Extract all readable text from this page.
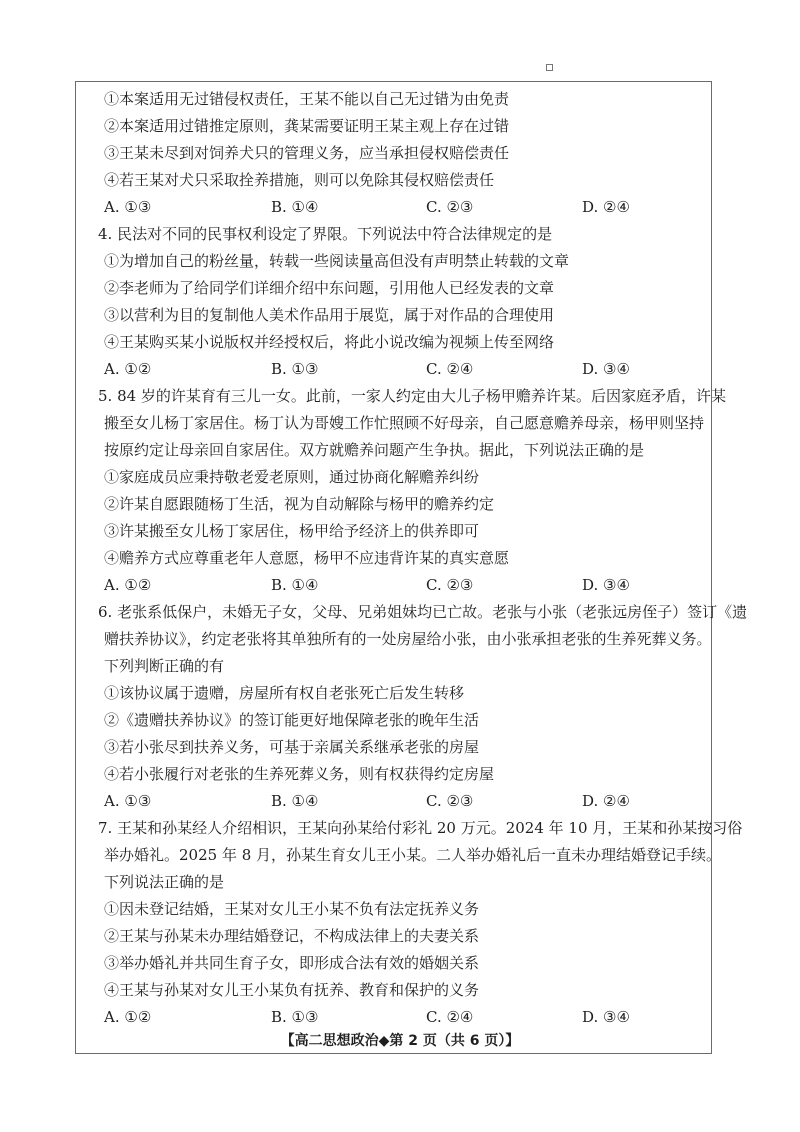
①本案适用无过错侵权责任，王某不能以自己无过错为由免责
②本案适用过错推定原则，龚某需要证明王某主观上存在过错
③王某未尽到对饲养犬只的管理义务，应当承担侵权赔偿责任
④若王某对犬只采取拴养措施，则可以免除其侵权赔偿责任
A. ①③	B. ①④	C. ②③	D. ②④
4. 民法对不同的民事权利设定了界限。下列说法中符合法律规定的是
①为增加自己的粉丝量，转载一些阅读量高但没有声明禁止转载的文章
②李老师为了给同学们详细介绍中东问题，引用他人已经发表的文章
③以营利为目的复制他人美术作品用于展览，属于对作品的合理使用
④王某购买某小说版权并经授权后，将此小说改编为视频上传至网络
A. ①②	B. ①③	C. ②④	D. ③④
5. 84 岁的许某育有三儿一女。此前，一家人约定由大儿子杨甲赡养许某。后因家庭矛盾，许某
搬至女儿杨丁家居住。杨丁认为哥嫂工作忙照顾不好母亲，自己愿意赡养母亲，杨甲则坚持
按原约定让母亲回自家居住。双方就赡养问题产生争执。据此，下列说法正确的是
①家庭成员应秉持敬老爱老原则，通过协商化解赡养纠纷
②许某自愿跟随杨丁生活，视为自动解除与杨甲的赡养约定
③许某搬至女儿杨丁家居住，杨甲给予经济上的供养即可
④赡养方式应尊重老年人意愿，杨甲不应违背许某的真实意愿
A. ①②	B. ①④	C. ②③	D. ③④
6. 老张系低保户，未婚无子女，父母、兄弟姐妹均已亡故。老张与小张（老张远房侄子）签订《遗
赠扶养协议》，约定老张将其单独所有的一处房屋给小张，由小张承担老张的生养死葬义务。
下列判断正确的有
①该协议属于遗赠，房屋所有权自老张死亡后发生转移
②《遗赠扶养协议》的签订能更好地保障老张的晚年生活
③若小张尽到扶养义务，可基于亲属关系继承老张的房屋
④若小张履行对老张的生养死葬义务，则有权获得约定房屋
A. ①③	B. ①④	C. ②③	D. ②④
7. 王某和孙某经人介绍相识，王某向孙某给付彩礼 20 万元。2024 年 10 月，王某和孙某按习俗
举办婚礼。2025 年 8 月，孙某生育女儿王小某。二人举办婚礼后一直未办理结婚登记手续。
下列说法正确的是
①因未登记结婚，王某对女儿王小某不负有法定抚养义务
②王某与孙某未办理结婚登记，不构成法律上的夫妻关系
③举办婚礼并共同生育子女，即形成合法有效的婚姻关系
④王某与孙某对女儿王小某负有抚养、教育和保护的义务
A. ①②	B. ①③	C. ②④	D. ③④
【高二思想政治◆第 2 页（共 6 页）】
